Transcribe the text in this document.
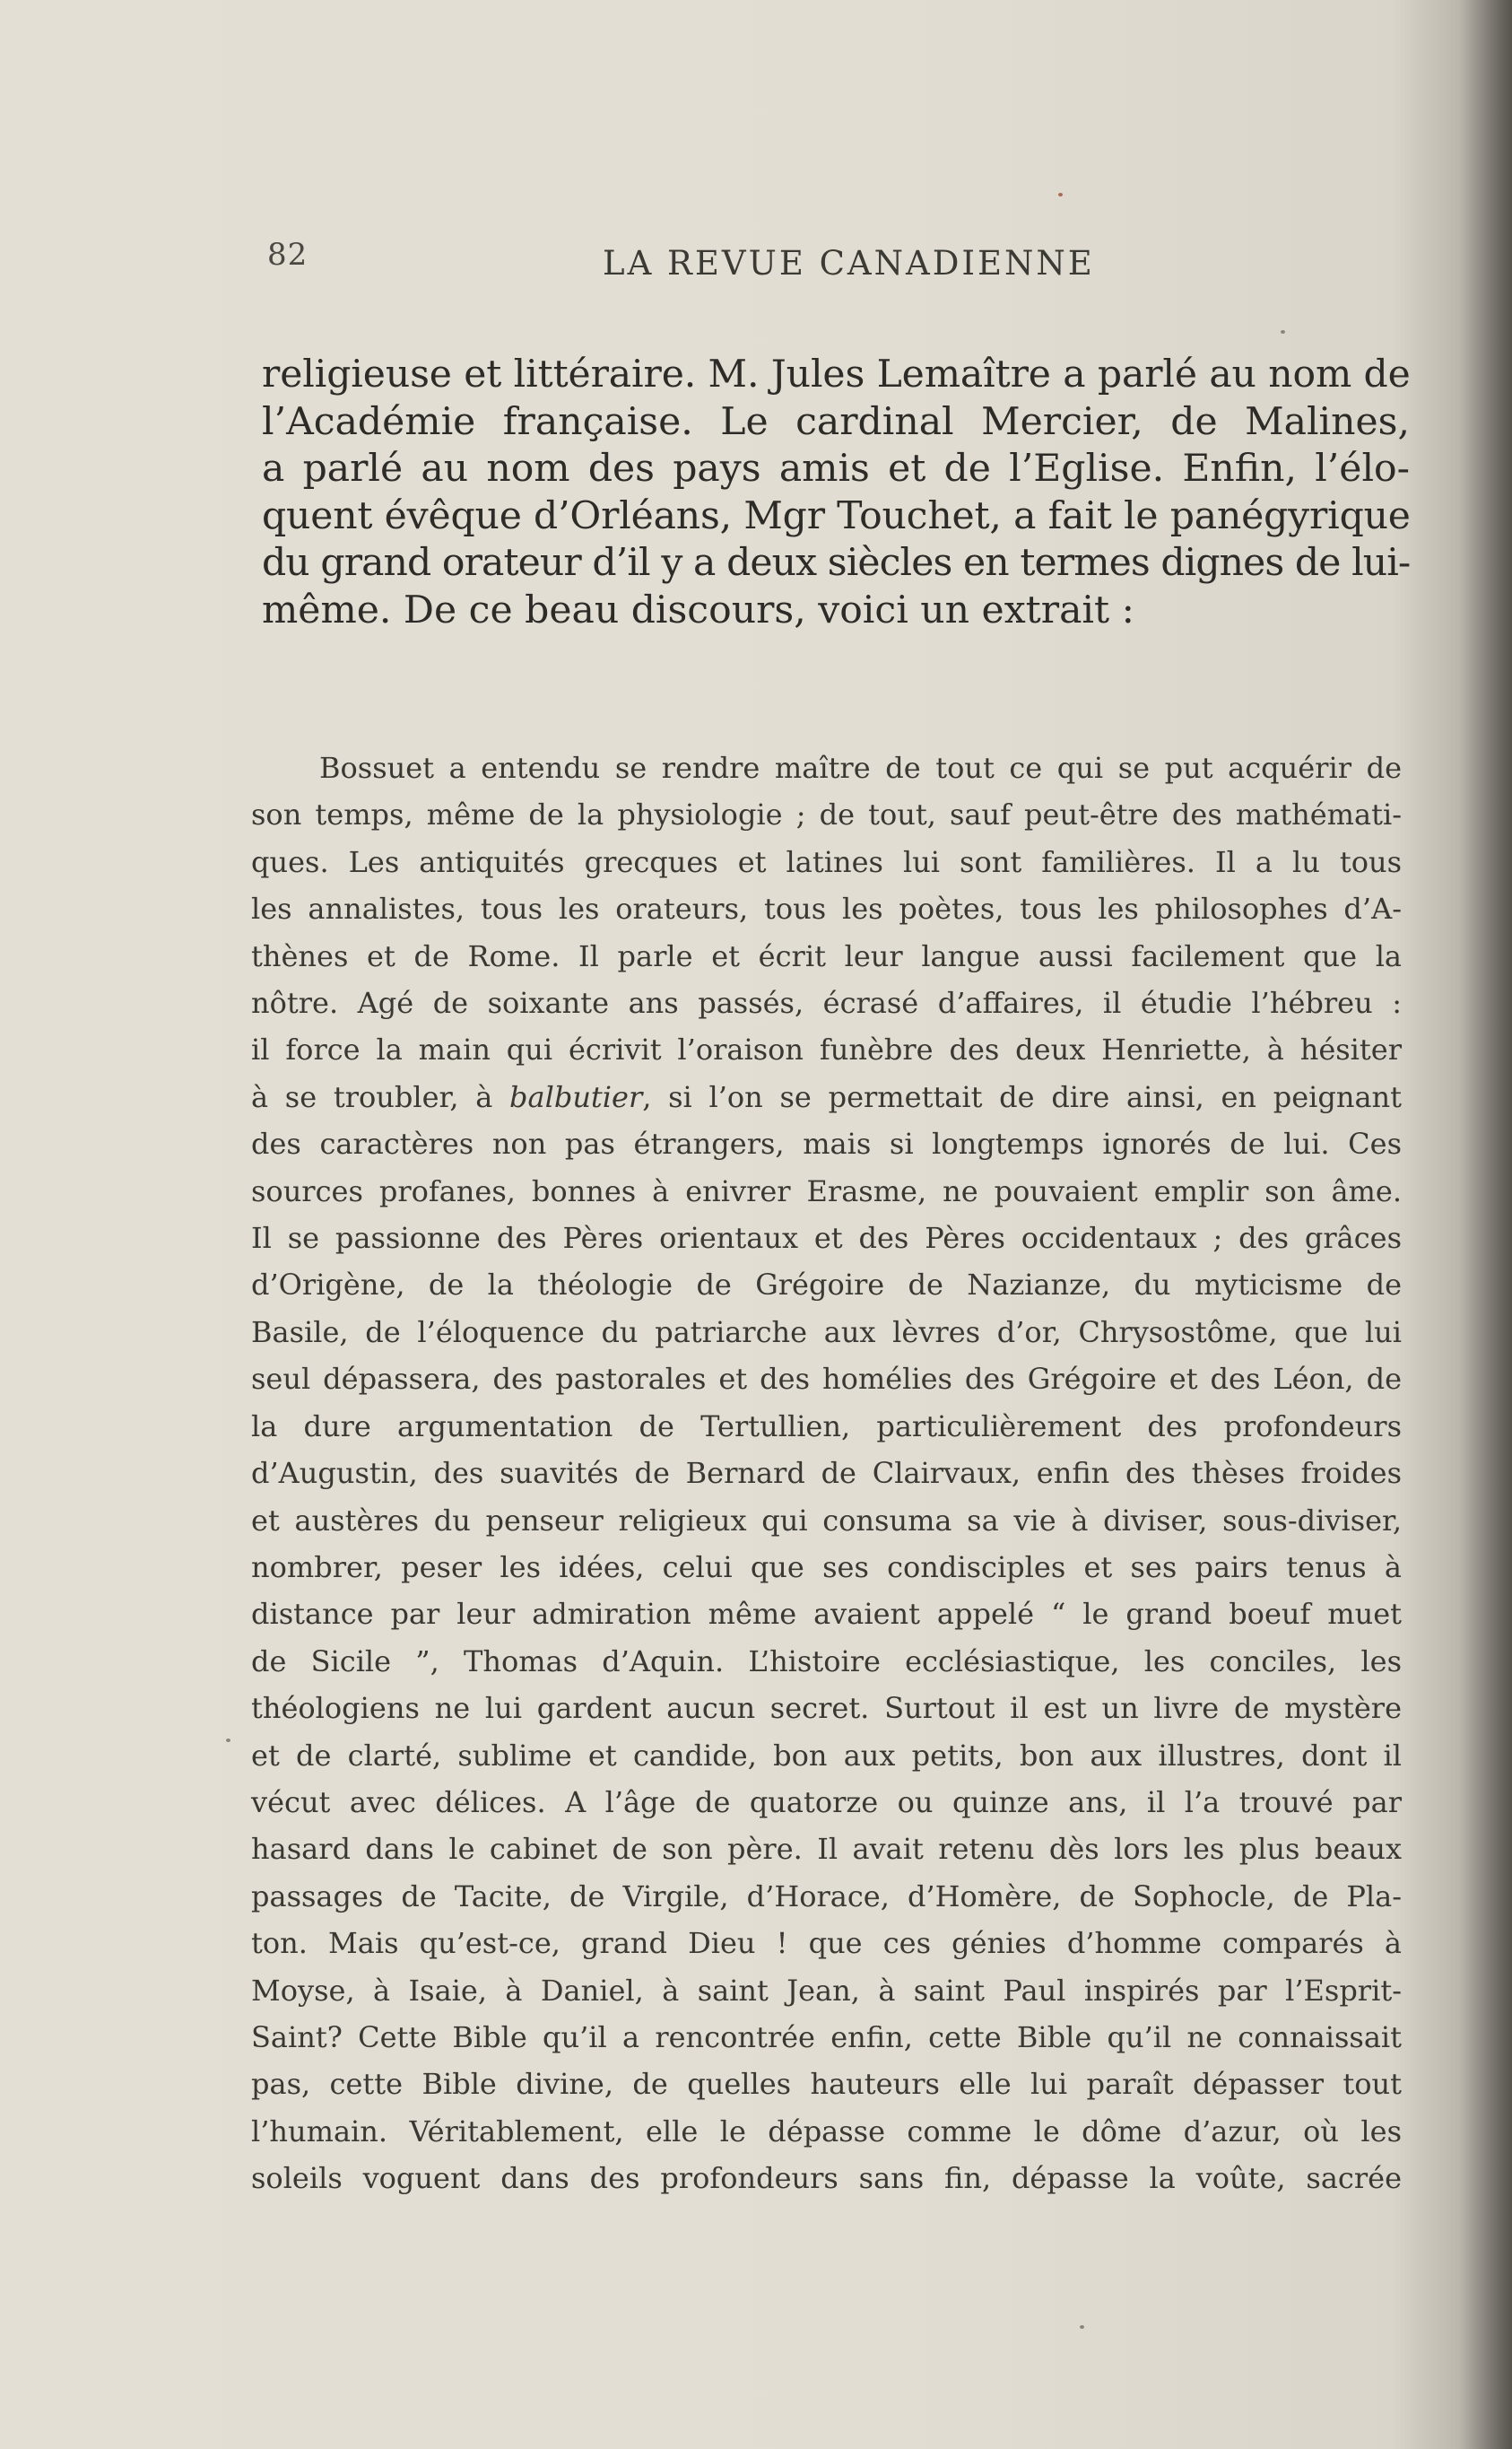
82	LA REVUE CANADIENNE
religieuse et littéraire. M. Jules Lemaître a parlé au nom de
l’Académie française. Le cardinal Mercier, de Malines,
a parlé au nom des pays amis et de l’Eglise. Enfin, l’élo-
quent évêque d’Orléans, Mgr Touchet, a fait le panégyrique
du grand orateur d’il y a deux siècles en termes dignes de lui-
même. De ce beau discours, voici un extrait :
Bossuet a entendu se rendre maître de tout ce qui se put acquérir de
son temps, même de la physiologie ; de tout, sauf peut-être des mathémati-
ques. Les antiquités grecques et latines lui sont familières. Il a lu tous
les annalistes, tous les orateurs, tous les poètes, tous les philosophes d’A-
thènes et de Rome. Il parle et écrit leur langue aussi facilement que la
nôtre. Agé de soixante ans passés, écrasé d’affaires, il étudie l’hébreu :
il force la main qui écrivit l’oraison funèbre des deux Henriette, à hésiter
à se troubler, à balbutier, si l’on se permettait de dire ainsi, en peignant
des caractères non pas étrangers, mais si longtemps ignorés de lui. Ces
sources profanes, bonnes à enivrer Erasme, ne pouvaient emplir son âme.
Il se passionne des Pères orientaux et des Pères occidentaux ; des grâces
d’Origène, de la théologie de Grégoire de Nazianze, du myticisme de
Basile, de l’éloquence du patriarche aux lèvres d’or, Chrysostôme, que lui
seul dépassera, des pastorales et des homélies des Grégoire et des Léon, de
la dure argumentation de Tertullien, particulièrement des profondeurs
d’Augustin, des suavités de Bernard de Clairvaux, enfin des thèses froides
et austères du penseur religieux qui consuma sa vie à diviser, sous-diviser,
nombrer, peser les idées, celui que ses condisciples et ses pairs tenus à
distance par leur admiration même avaient appelé “ le grand boeuf muet
de Sicile ”, Thomas d’Aquin. L’histoire ecclésiastique, les conciles, les
théologiens ne lui gardent aucun secret. Surtout il est un livre de mystère
et de clarté, sublime et candide, bon aux petits, bon aux illustres, dont il
vécut avec délices. A l’âge de quatorze ou quinze ans, il l’a trouvé par
hasard dans le cabinet de son père. Il avait retenu dès lors les plus beaux
passages de Tacite, de Virgile, d’Horace, d’Homère, de Sophocle, de Pla-
ton. Mais qu’est-ce, grand Dieu ! que ces génies d’homme comparés à
Moyse, à Isaie, à Daniel, à saint Jean, à saint Paul inspirés par l’Esprit-
Saint? Cette Bible qu’il a rencontrée enfin, cette Bible qu’il ne connaissait
pas, cette Bible divine, de quelles hauteurs elle lui paraît dépasser tout
l’humain. Véritablement, elle le dépasse comme le dôme d’azur, où les
soleils voguent dans des profondeurs sans fin, dépasse la voûte, sacrée
